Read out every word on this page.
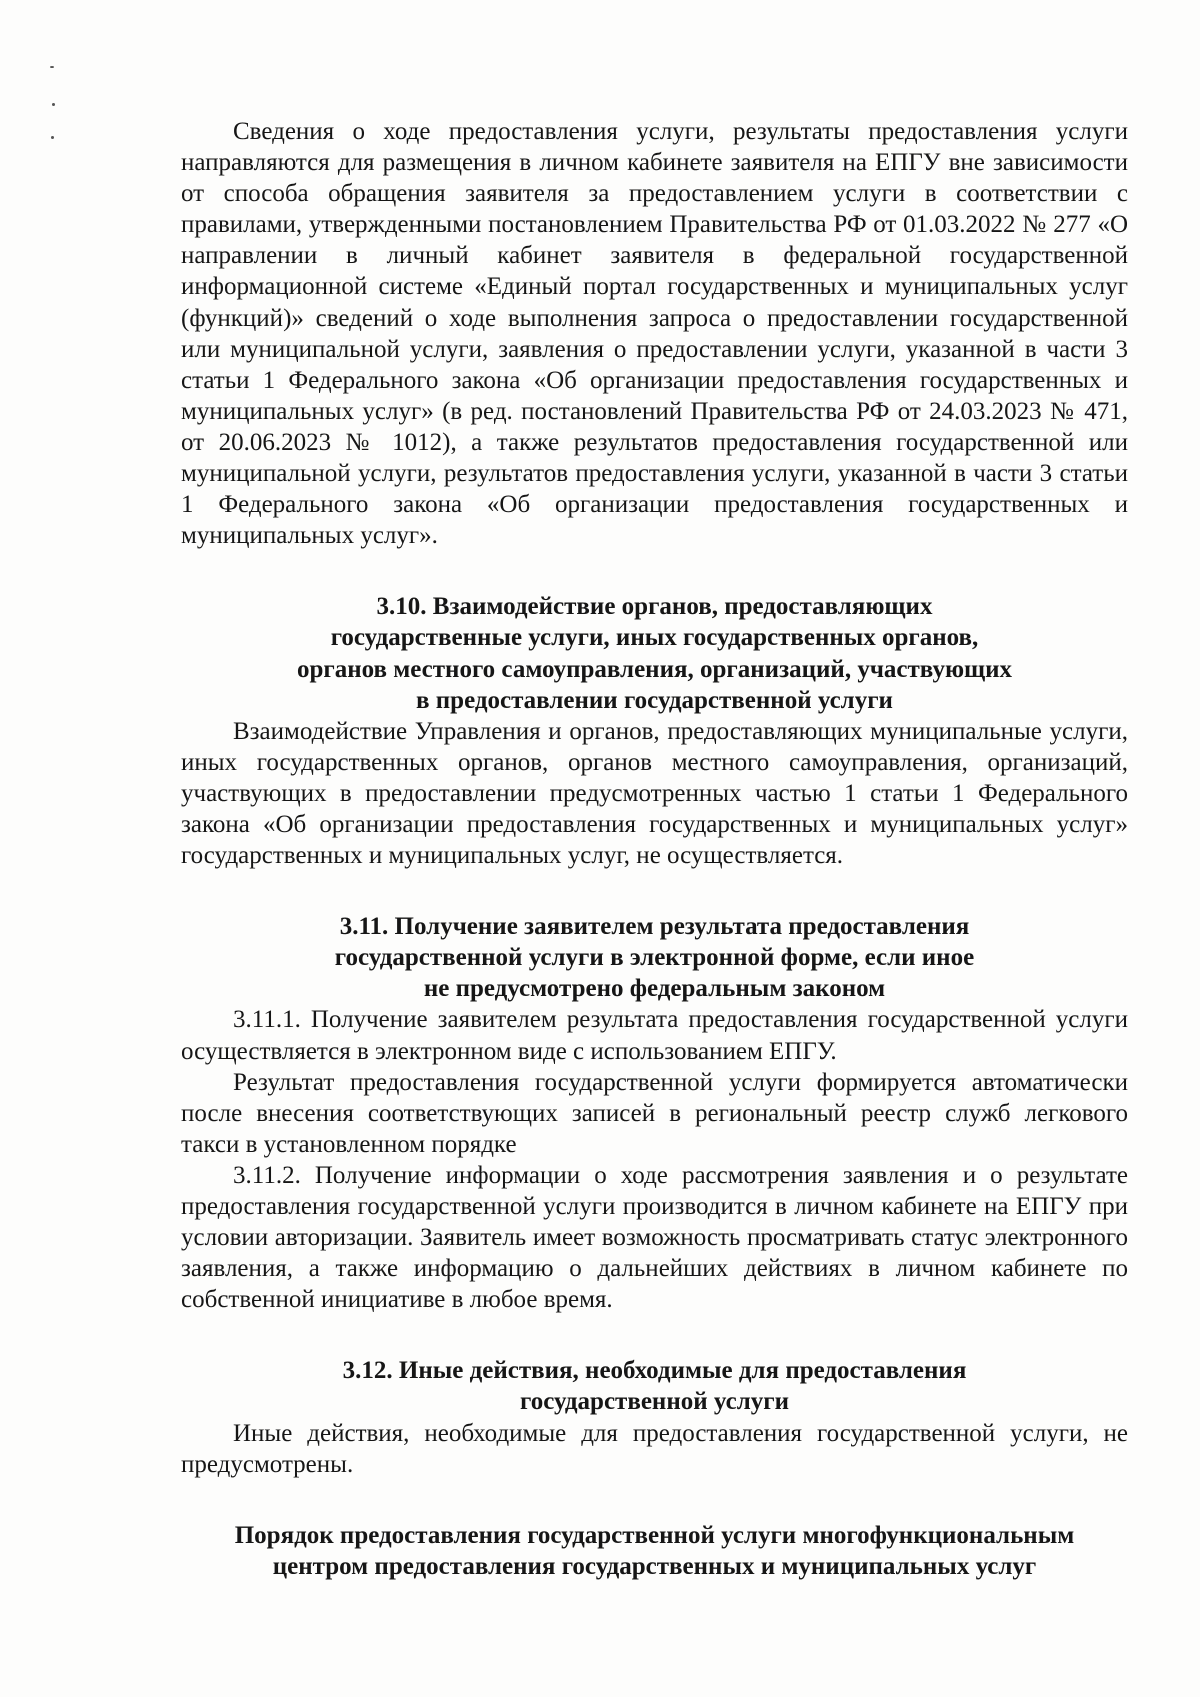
Сведения о ходе предоставления услуги, результаты предоставления услуги направляются для размещения в личном кабинете заявителя на ЕПГУ вне зависимости от способа обращения заявителя за предоставлением услуги в соответствии с правилами, утвержденными постановлением Правительства РФ от 01.03.2022 № 277 «О направлении в личный кабинет заявителя в федеральной государственной информационной системе «Единый портал государственных и муниципальных услуг (функций)» сведений о ходе выполнения запроса о предоставлении государственной или муниципальной услуги, заявления о предоставлении услуги, указанной в части 3 статьи 1 Федерального закона «Об организации предоставления государственных и муниципальных услуг» (в ред. постановлений Правительства РФ от 24.03.2023 № 471, от 20.06.2023 № 1012), а также результатов предоставления государственной или муниципальной услуги, результатов предоставления услуги, указанной в части 3 статьи 1 Федерального закона «Об организации предоставления государственных и муниципальных услуг».

3.10. Взаимодействие органов, предоставляющих
государственные услуги, иных государственных органов,
органов местного самоуправления, организаций, участвующих
в предоставлении государственной услуги

Взаимодействие Управления и органов, предоставляющих муниципальные услуги, иных государственных органов, органов местного самоуправления, организаций, участвующих в предоставлении предусмотренных частью 1 статьи 1 Федерального закона «Об организации предоставления государственных и муниципальных услуг» государственных и муниципальных услуг, не осуществляется.

3.11. Получение заявителем результата предоставления
государственной услуги в электронной форме, если иное
не предусмотрено федеральным законом

3.11.1. Получение заявителем результата предоставления государственной услуги осуществляется в электронном виде с использованием ЕПГУ.

Результат предоставления государственной услуги формируется автоматически после внесения соответствующих записей в региональный реестр служб легкового такси в установленном порядке

3.11.2. Получение информации о ходе рассмотрения заявления и о результате предоставления государственной услуги производится в личном кабинете на ЕПГУ при условии авторизации. Заявитель имеет возможность просматривать статус электронного заявления, а также информацию о дальнейших действиях в личном кабинете по собственной инициативе в любое время.

3.12. Иные действия, необходимые для предоставления
государственной услуги

Иные действия, необходимые для предоставления государственной услуги, не предусмотрены.

Порядок предоставления государственной услуги многофункциональным
центром предоставления государственных и муниципальных услуг
